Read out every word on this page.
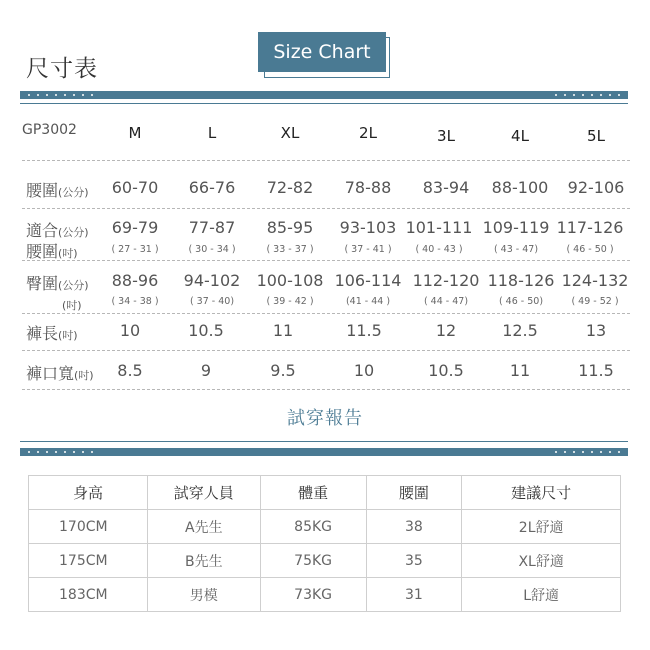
尺寸表
Size Chart
GP3002	M	L	XL	2L	3L	4L	5L
腰圍(公分) 60-70 66-76 72-82 78-88 83-94 88-100 92-106
適合(公分)
腰圍(吋)
69-79 77-87 85-95 93-103 101-111 109-119 117-126
( 27 - 31 )	( 30 - 34 )	( 33 - 37 )	( 37 - 41 )	( 40 - 43 )	( 43 - 47)	( 46 - 50 )
臀圍(公分)
(吋)
88-96 94-102 100-108 106-114 112-120 118-126 124-132
( 34 - 38 )	( 37 - 40)	( 39 - 42 )	(41 - 44 )	( 44 - 47)	( 46 - 50)	( 49 - 52 )
褲長(吋)	10	10.5	11	11.5	12	12.5	13
褲口寬(吋) 8.5	9	9.5	10	10.5	11	11.5
試穿報告
身高	試穿人員	體重	腰圍	建議尺寸
170CM	A先生	85KG	38	2L舒適
175CM	B先生	75KG	35	XL舒適
183CM	男模	73KG	31	L舒適
